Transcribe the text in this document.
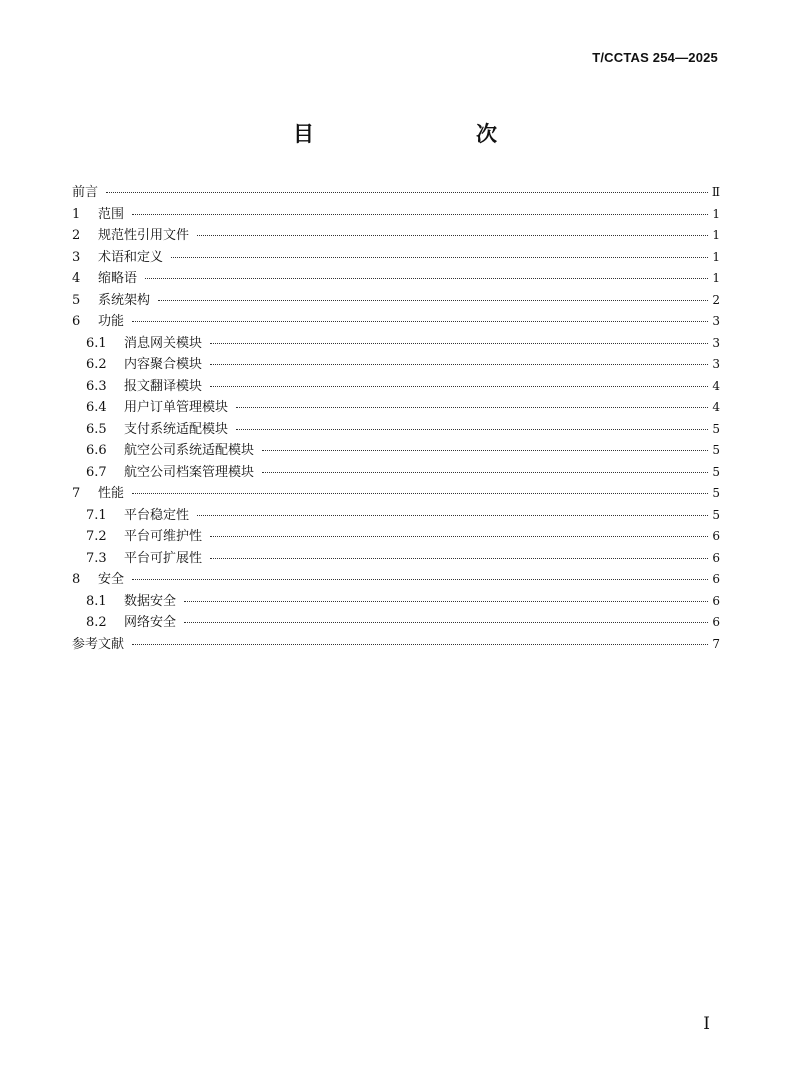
T/CCTAS 254—2025
目　　次
前言	Ⅱ
1	范围	1
2	规范性引用文件	1
3	术语和定义	1
4	缩略语	1
5	系统架构	2
6	功能	3
6.1	消息网关模块	3
6.2	内容聚合模块	3
6.3	报文翻译模块	4
6.4	用户订单管理模块	4
6.5	支付系统适配模块	5
6.6	航空公司系统适配模块	5
6.7	航空公司档案管理模块	5
7	性能	5
7.1	平台稳定性	5
7.2	平台可维护性	6
7.3	平台可扩展性	6
8	安全	6
8.1	数据安全	6
8.2	网络安全	6
参考文献	7
Ⅰ
